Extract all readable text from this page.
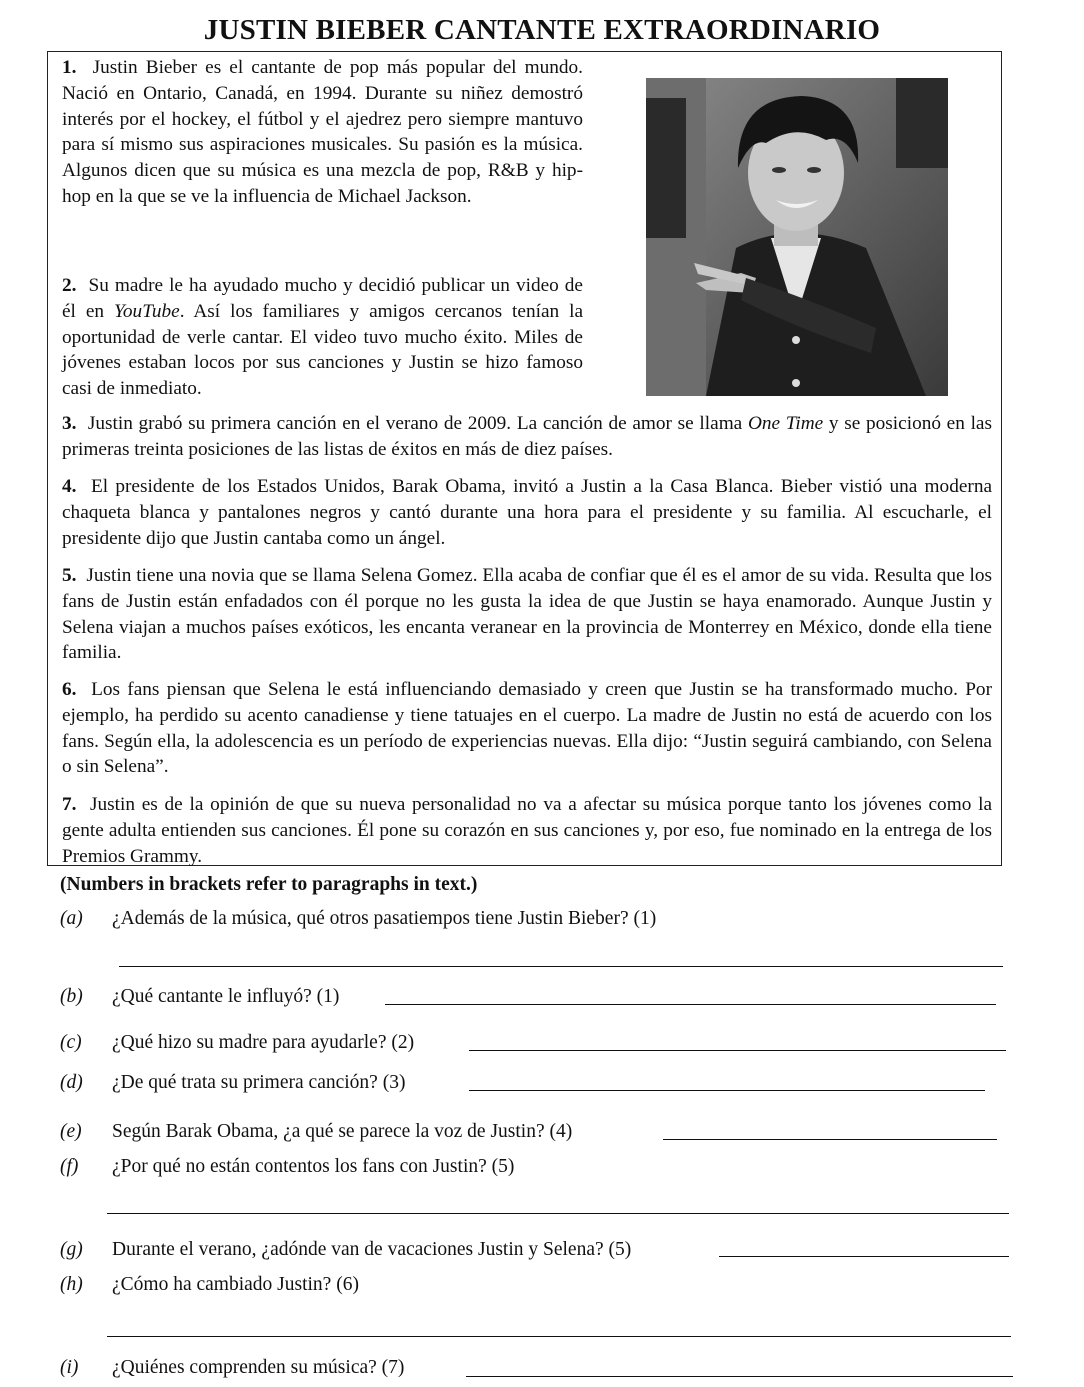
JUSTIN BIEBER CANTANTE EXTRAORDINARIO

1. Justin Bieber es el cantante de pop más popular del mundo. Nació en Ontario, Canadá, en 1994. Durante su niñez demostró interés por el hockey, el fútbol y el ajedrez pero siempre mantuvo para sí mismo sus aspiraciones musicales. Su pasión es la música. Algunos dicen que su música es una mezcla de pop, R&B y hip-hop en la que se ve la influencia de Michael Jackson.

2. Su madre le ha ayudado mucho y decidió publicar un video de él en YouTube. Así los familiares y amigos cercanos tenían la oportunidad de verle cantar. El video tuvo mucho éxito. Miles de jóvenes estaban locos por sus canciones y Justin se hizo famoso casi de inmediato.

3. Justin grabó su primera canción en el verano de 2009. La canción de amor se llama One Time y se posicionó en las primeras treinta posiciones de las listas de éxitos en más de diez países.

4. El presidente de los Estados Unidos, Barak Obama, invitó a Justin a la Casa Blanca. Bieber vistió una moderna chaqueta blanca y pantalones negros y cantó durante una hora para el presidente y su familia. Al escucharle, el presidente dijo que Justin cantaba como un ángel.

5. Justin tiene una novia que se llama Selena Gomez. Ella acaba de confiar que él es el amor de su vida. Resulta que los fans de Justin están enfadados con él porque no les gusta la idea de que Justin se haya enamorado. Aunque Justin y Selena viajan a muchos países exóticos, les encanta veranear en la provincia de Monterrey en México, donde ella tiene familia.

6. Los fans piensan que Selena le está influenciando demasiado y creen que Justin se ha transformado mucho. Por ejemplo, ha perdido su acento canadiense y tiene tatuajes en el cuerpo. La madre de Justin no está de acuerdo con los fans. Según ella, la adolescencia es un período de experiencias nuevas. Ella dijo: “Justin seguirá cambiando, con Selena o sin Selena”.

7. Justin es de la opinión de que su nueva personalidad no va a afectar su música porque tanto los jóvenes como la gente adulta entienden sus canciones. Él pone su corazón en sus canciones y, por eso, fue nominado en la entrega de los Premios Grammy.

(Numbers in brackets refer to paragraphs in text.)
(a) ¿Además de la música, qué otros pasatiempos tiene Justin Bieber? (1)
(b) ¿Qué cantante le influyó? (1)
(c) ¿Qué hizo su madre para ayudarle? (2)
(d) ¿De qué trata su primera canción? (3)
(e) Según Barak Obama, ¿a qué se parece la voz de Justin? (4)
(f) ¿Por qué no están contentos los fans con Justin? (5)
(g) Durante el verano, ¿adónde van de vacaciones Justin y Selena? (5)
(h) ¿Cómo ha cambiado Justin? (6)
(i) ¿Quiénes comprenden su música? (7)
